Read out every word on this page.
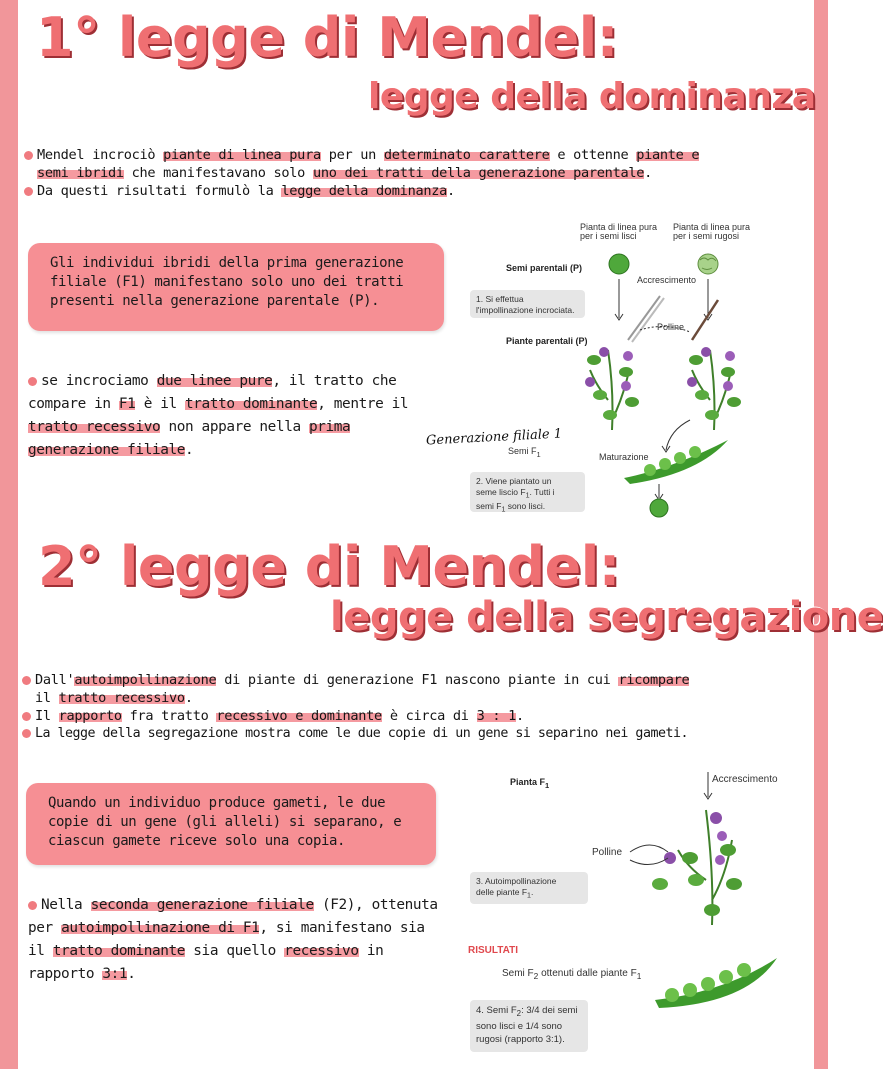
1° legge di Mendel:
legge della dominanza
Mendel incrociò piante di linea pura per un determinato carattere e ottenne piante e
semi ibridi che manifestavano solo uno dei tratti della generazione parentale.
Da questi risultati formulò la legge della dominanza.
Gli individui ibridi della prima generazione filiale (F1) manifestano solo uno dei tratti presenti nella generazione parentale (P).
se incrociamo due linee pure, il tratto che compare in F1 è il tratto dominante, mentre il tratto recessivo non appare nella prima generazione filiale.
Pianta di linea pura
per i semi lisci
Pianta di linea pura
per i semi rugosi
Semi parentali (P)
Accrescimento
1. Si effettua
l'impollinazione incrociata.
Polline
Piante parentali (P)
Generazione filiale 1
Semi $F_1$	Maturazione
2. Viene piantato un
seme liscio $F_1$. Tutti i
semi $F_1$ sono lisci.
2° legge di Mendel:
legge della segregazione
Dall'autoimpollinazione di piante di generazione F1 nascono piante in cui ricompare
il tratto recessivo.
Il rapporto fra tratto recessivo e dominante è circa di 3 : 1.
La legge della segregazione mostra come le due copie di un gene si separino nei gameti.
Quando un individuo produce gameti, le due copie di un gene (gli alleli) si separano, e ciascun gamete riceve solo una copia.
Nella seconda generazione filiale (F2), ottenuta per autoimpollinazione di F1, si manifestano sia il tratto dominante sia quello recessivo in rapporto 3:1.
Pianta $F_1$
Accrescimento
Polline
3. Autoimpollinazione
delle piante $F_1$.
RISULTATI
Semi $F_2$ ottenuti dalle piante $F_1$
4. Semi $F_2$: 3/4 dei semi
sono lisci e 1/4 sono
rugosi (rapporto 3:1).
